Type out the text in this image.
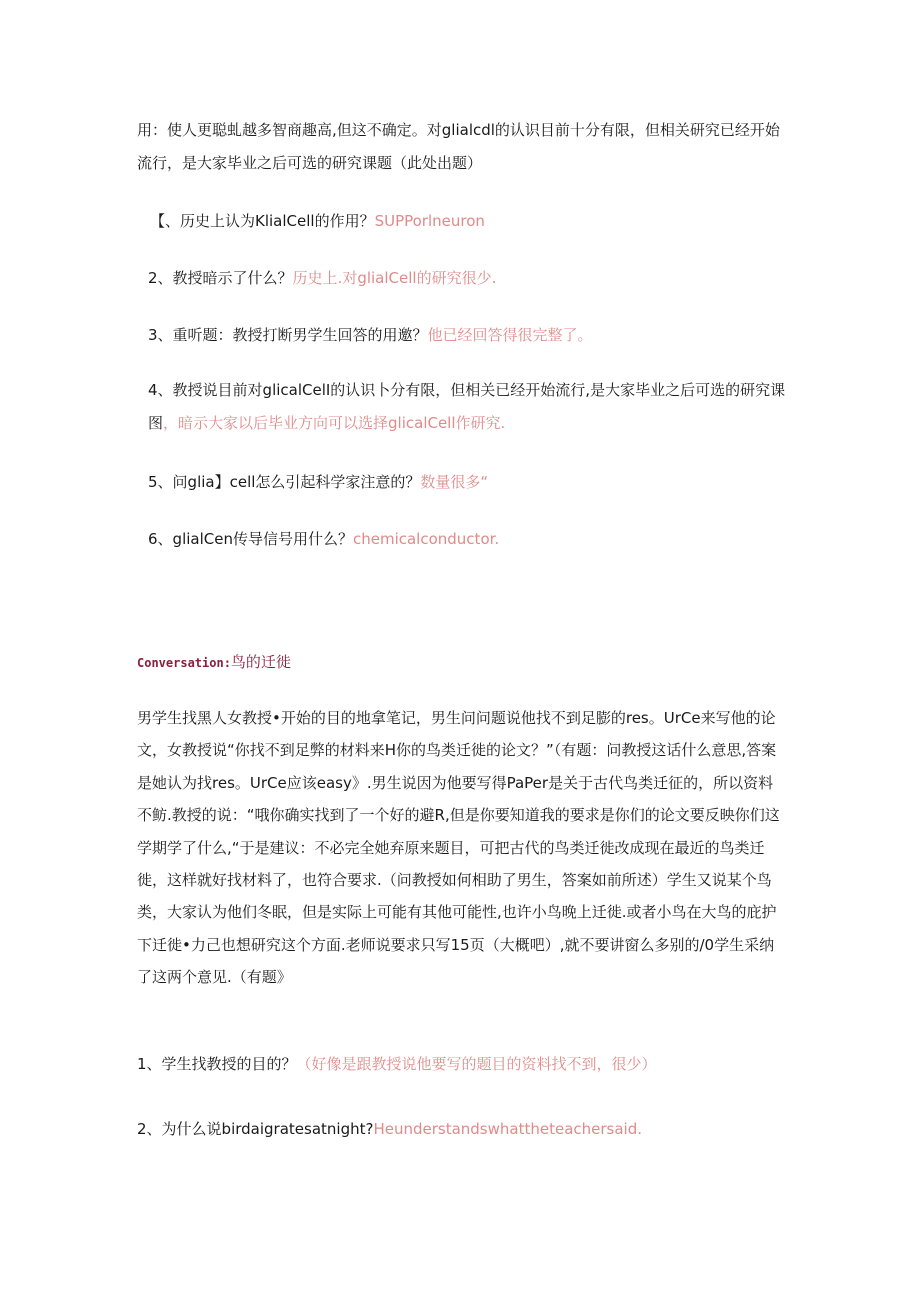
用：使人更聪虬越多智商趣高,但这不确定。对glialcdl的认识目前十分有限，但相关研究已经开始流行，是大家毕业之后可选的研究课题（此处出题）

【、历史上认为KlialCell的作用？SUPPorlneuron

2、教授暗示了什么？历史上.对glialCell的研究很少.

3、重听题：教授打断男学生回答的用邀？他已经回答得很完整了。

4、教授说目前对glicalCelI的认识卜分有限，但相关已经开始流行,是大家毕业之后可选的研究课图，暗示大家以后毕业方向可以选择glicalCell作研究.

5、问glia】cell怎么引起科学家注意的？数量很多“

6、glialCen传导信号用什么？chemicalconductor.

Conversation:鸟的迁徙

男学生找黑人女教授•开始的目的地拿笔记，男生问问题说他找不到足膨的res。UrCe来写他的论文，女教授说“你找不到足弊的材料来H你的鸟类迁徙的论文？”（有题：问教授这话什么意思,答案是她认为找res。UrCe应该easy》.男生说因为他要写得PaPer是关于古代鸟类迁征的，所以资料不鲂.教授的说：“哦你确实找到了一个好的避R,但是你要知道我的要求是你们的论文要反映你们这学期学了什么,“于是建议：不必完全她弃原来题目，可把古代的鸟类迁徙改成现在最近的鸟类迁徙，这样就好找材料了，也符合要求.（问教授如何相助了男生，答案如前所述）学生又说某个鸟类，大家认为他们冬眠，但是实际上可能有其他可能性,也许小鸟晚上迁徙.或者小鸟在大鸟的庇护下迁徙•力己也想研究这个方面.老师说要求只写15页（大概吧）,就不要讲窗么多别的/0学生采纳了这两个意见.（有题》

1、学生找教授的目的？（好像是跟教授说他要写的题目的资料找不到，很少）

2、为什么说birdaigratesatnight?Heunderstandswhattheteachersaid.
